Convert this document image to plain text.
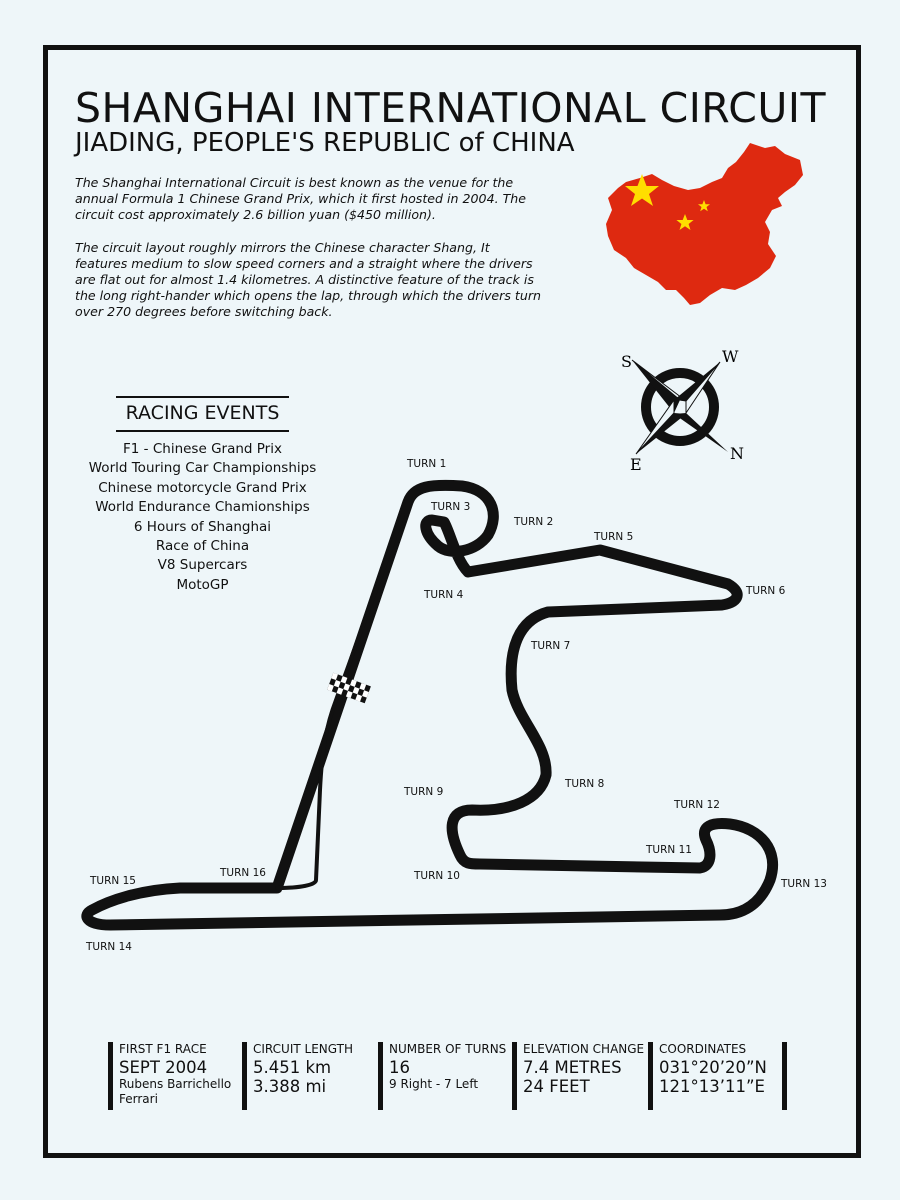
SHANGHAI INTERNATIONAL CIRCUIT
JIADING, PEOPLE'S REPUBLIC of CHINA
The Shanghai International Circuit is best known as the venue for the annual Formula 1 Chinese Grand Prix, which it first hosted in 2004. The circuit cost approximately 2.6 billion yuan ($450 million).
The circuit layout roughly mirrors the Chinese character Shang, It features medium to slow speed corners and a straight where the drivers are flat out for almost 1.4 kilometres. A distinctive feature of the track is the long right-hander which opens the lap, through which the drivers turn over 270 degrees before switching back.
S	W
E
N
RACING EVENTS
F1 - Chinese Grand Prix
World Touring Car Championships
Chinese motorcycle Grand Prix
World Endurance Chamionships
6 Hours of Shanghai
Race of China
V8 Supercars
MotoGP
TURN 1
TURN 2
TURN 3
TURN 4
TURN 5
TURN 6
TURN 7
TURN 8
TURN 9
TURN 10
TURN 11
TURN 12
TURN 13
TURN 14
TURN 15
TURN 16
FIRST F1 RACE
SEPT 2004
Rubens Barrichello
Ferrari
CIRCUIT LENGTH
5.451 km
3.388 mi
NUMBER OF TURNS
16
9 Right - 7 Left
ELEVATION CHANGE
7.4 METRES
24 FEET
COORDINATES
031°20’20”N
121°13’11”E
